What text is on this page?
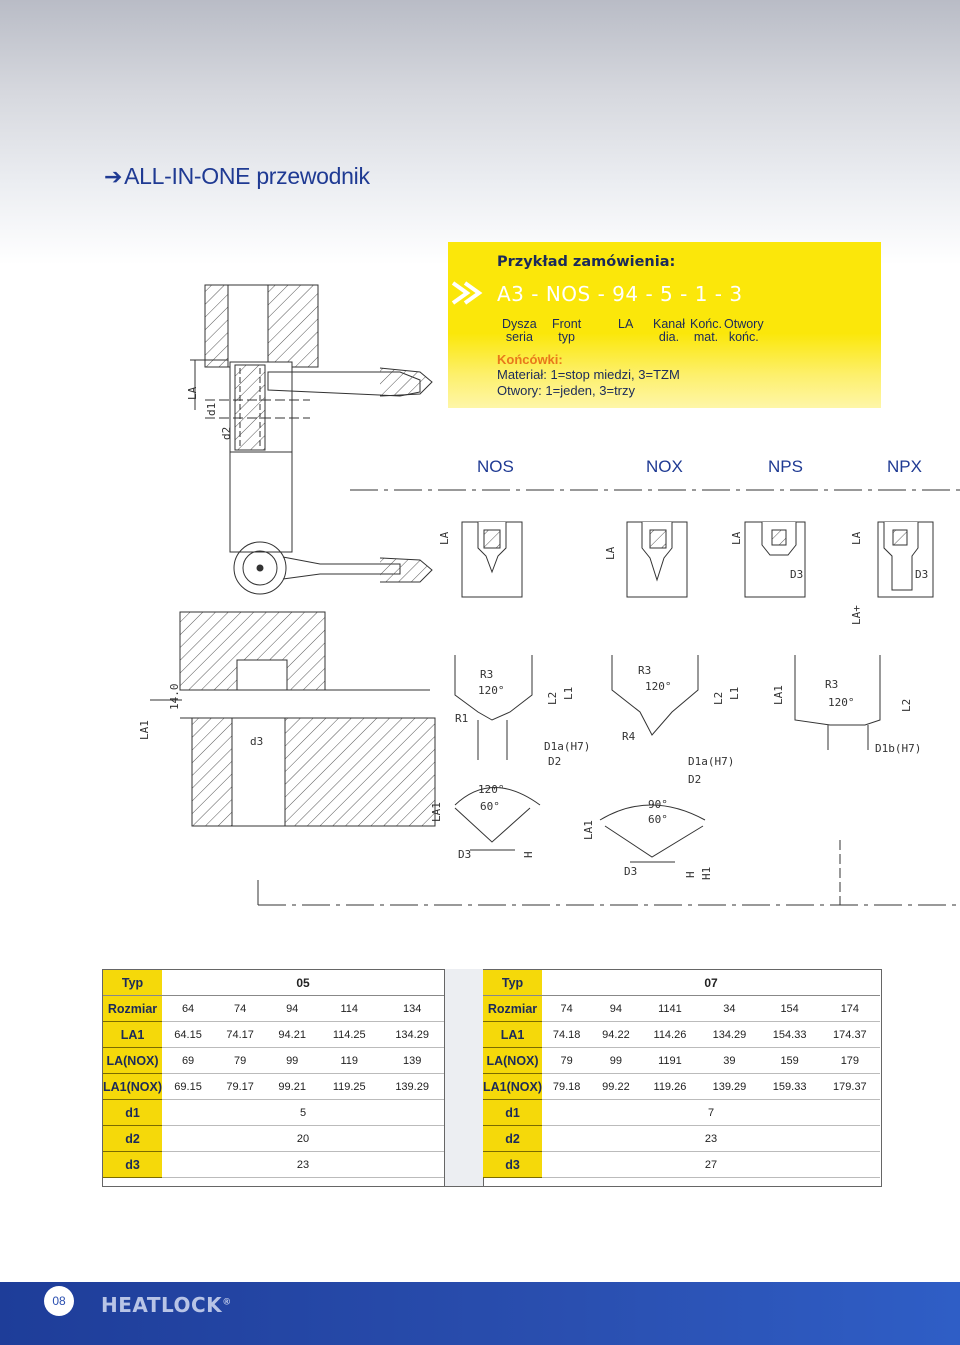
➔ALL-IN-ONE przewodnik
LA
d1
d2
LA1
14.0
d3
LA
LA
LA	LA
D3	D3
LA+
R3
120°
R1
L2 L1
D1a(H7)
D2
R3
120°
R4
L2 L1
D1a(H7)
D2
LA1
R3
120°	L2
D1b(H7)
LA1
120°
60°
D3	H
LA1
90°
60°
D3	H H1
Przykład zamówienia:
A3 - NOS - 94 - 5 - 1 - 3
Dysza
seria
Front
typ
LA Kanał
dia.
Końc.
mat.
Otwory
końc.
Końcówki:
Materiał: 1=stop miedzi, 3=TZM
Otwory: 1=jeden, 3=trzy
NOS	NOX	NPS	NPX
Typ	05				
Rozmiar	64	74	94	114	134
LA1	64.15	74.17	94.21	114.25	134.29
LA(NOX)	69	79	99	119	139
LA1(NOX)	69.15	79.17	99.21	119.25	139.29
d1	5				
d2	20				
d3	23				
Typ	07					
Rozmiar	74	94	1141	34	154	174
LA1	74.18	94.22	114.26	134.29	154.33	174.37
LA(NOX)	79	99	1191	39	159	179
LA1(NOX)	79.18	99.22	119.26	139.29	159.33	179.37
d1	7					
d2	23					
d3	27					
08	HEATLOCK®
